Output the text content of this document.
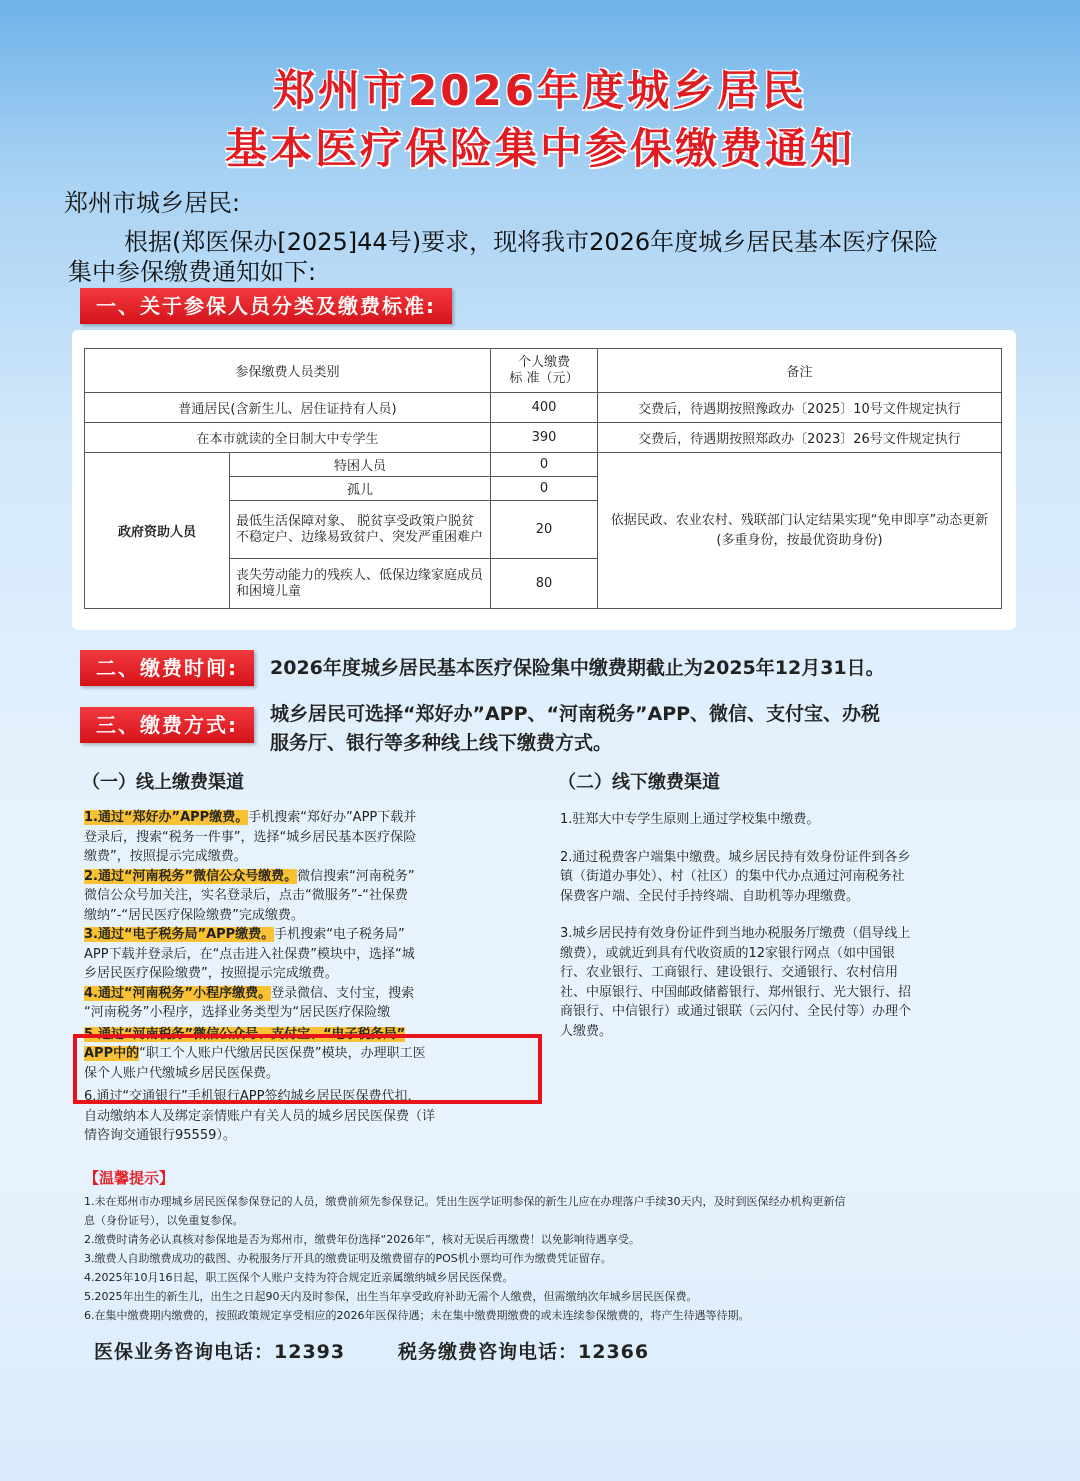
郑州市2026年度城乡居民
基本医疗保险集中参保缴费通知
郑州市城乡居民:
根据(郑医保办[2025]44号)要求，现将我市2026年度城乡居民基本医疗保险
集中参保缴费通知如下:
一、关于参保人员分类及缴费标准:
参保缴费人员类别		个人缴费
标 准（元）	备注
普通居民(含新生儿、居住证持有人员)		400	交费后，待遇期按照豫政办〔2025〕10号文件规定执行
在本市就读的全日制大中专学生		390	交费后，待遇期按照郑政办〔2023〕26号文件规定执行
政府资助人员	特困人员	0	依据民政、农业农村、残联部门认定结果实现“免申即享”动态更新(多重身份，按最优资助身份)
	孤儿	0	
	最低生活保障对象、 脱贫享受政策户脱贫不稳定户、边缘易致贫户、突发严重困难户	20	
	丧失劳动能力的残疾人、低保边缘家庭成员和困境儿童	80	
二、缴费时间:	2026年度城乡居民基本医疗保险集中缴费期截止为2025年12月31日。
三、缴费方式:	城乡居民可选择“郑好办”APP、“河南税务”APP、微信、支付宝、办税
服务厅、银行等多种线上线下缴费方式。
（一）线上缴费渠道
1.通过“郑好办”APP缴费。手机搜索“郑好办”APP下载并
登录后，搜索“税务一件事”，选择“城乡居民基本医疗保险
缴费”，按照提示完成缴费。
2.通过“河南税务”微信公众号缴费。微信搜索“河南税务”
微信公众号加关注，实名登录后，点击“微服务”-“社保费
缴纳”-“居民医疗保险缴费”完成缴费。
3.通过“电子税务局”APP缴费。手机搜索“电子税务局”
APP下载并登录后，在“点击进入社保费”模块中，选择“城
乡居民医疗保险缴费”，按照提示完成缴费。
4.通过“河南税务”小程序缴费。登录微信、支付宝，搜索
“河南税务”小程序，选择业务类型为“居民医疗保险缴
5.通过“河南税务”微信公众号、支付宝、“电子税务局”
APP中的“职工个人账户代缴居民医保费”模块，办理职工医
保个人账户代缴城乡居民医保费。
6.通过“交通银行”手机银行APP签约城乡居民医保费代扣，
自动缴纳本人及绑定亲情账户有关人员的城乡居民医保费（详
情咨询交通银行95559）。
（二）线下缴费渠道
1.驻郑大中专学生原则上通过学校集中缴费。
2.通过税费客户端集中缴费。城乡居民持有效身份证件到各乡
镇（街道办事处）、村（社区）的集中代办点通过河南税务社
保费客户端、全民付手持终端、自助机等办理缴费。
3.城乡居民持有效身份证件到当地办税服务厅缴费（倡导线上
缴费），或就近到具有代收资质的12家银行网点（如中国银
行、农业银行、工商银行、建设银行、交通银行、农村信用
社、中原银行、中国邮政储蓄银行、郑州银行、光大银行、招
商银行、中信银行）或通过银联（云闪付、全民付等）办理个
人缴费。
【温馨提示】
1.未在郑州市办理城乡居民医保参保登记的人员，缴费前须先参保登记。凭出生医学证明参保的新生儿应在办理落户手续30天内，及时到医保经办机构更新信
息（身份证号），以免重复参保。
2.缴费时请务必认真核对参保地是否为郑州市，缴费年份选择“2026年”，核对无误后再缴费！以免影响待遇享受。
3.缴费人自助缴费成功的截图、办税服务厅开具的缴费证明及缴费留存的POS机小票均可作为缴费凭证留存。
4.2025年10月16日起，职工医保个人账户支持为符合规定近亲属缴纳城乡居民医保费。
5.2025年出生的新生儿，出生之日起90天内及时参保，出生当年享受政府补助无需个人缴费，但需缴纳次年城乡居民医保费。
6.在集中缴费期内缴费的，按照政策规定享受相应的2026年医保待遇；未在集中缴费期缴费的或未连续参保缴费的，将产生待遇等待期。
医保业务咨询电话：12393	税务缴费咨询电话：12366
